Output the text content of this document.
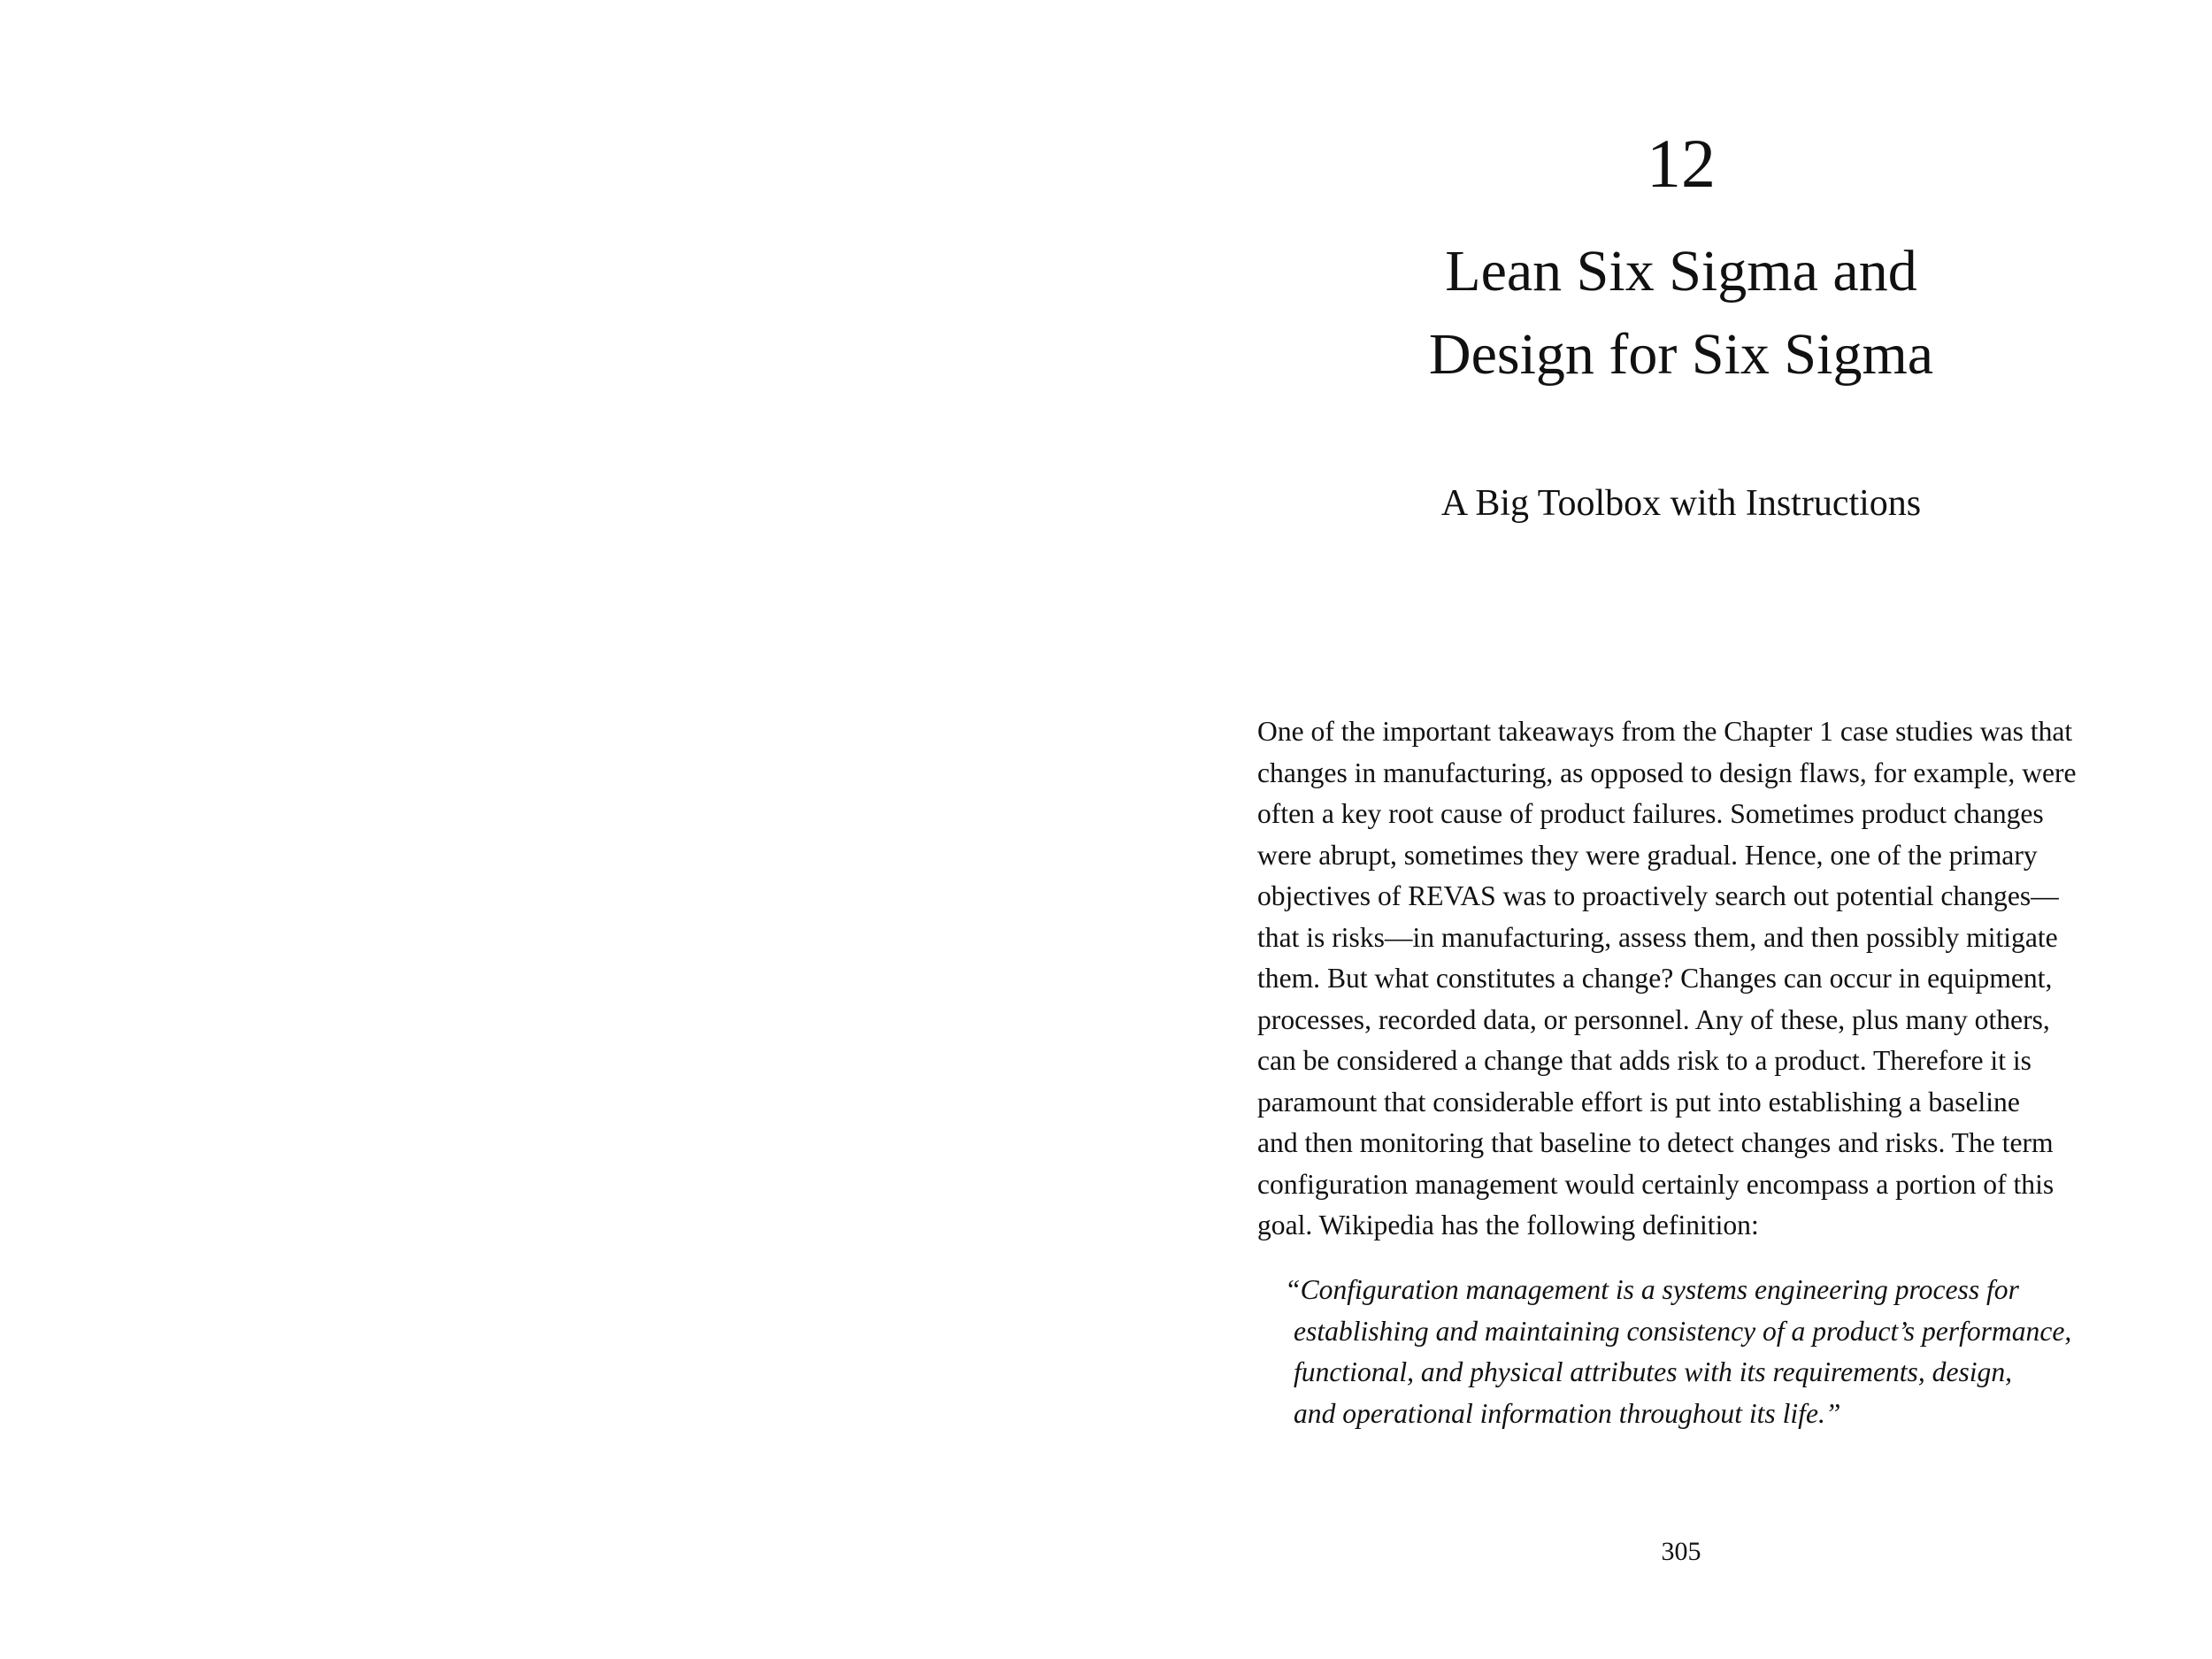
12
Lean Six Sigma and
Design for Six Sigma
A Big Toolbox with Instructions

One of the important takeaways from the Chapter 1 case studies was that
changes in manufacturing, as opposed to design flaws, for example, were
often a key root cause of product failures. Sometimes product changes
were abrupt, sometimes they were gradual. Hence, one of the primary
objectives of REVAS was to proactively search out potential changes—
that is risks—in manufacturing, assess them, and then possibly mitigate
them. But what constitutes a change? Changes can occur in equipment,
processes, recorded data, or personnel. Any of these, plus many others,
can be considered a change that adds risk to a product. Therefore it is
paramount that considerable effort is put into establishing a baseline
and then monitoring that baseline to detect changes and risks. The term
configuration management would certainly encompass a portion of this
goal. Wikipedia has the following definition:

“Configuration management is a systems engineering process for
establishing and maintaining consistency of a product’s performance,
functional, and physical attributes with its requirements, design,
and operational information throughout its life.”
305
